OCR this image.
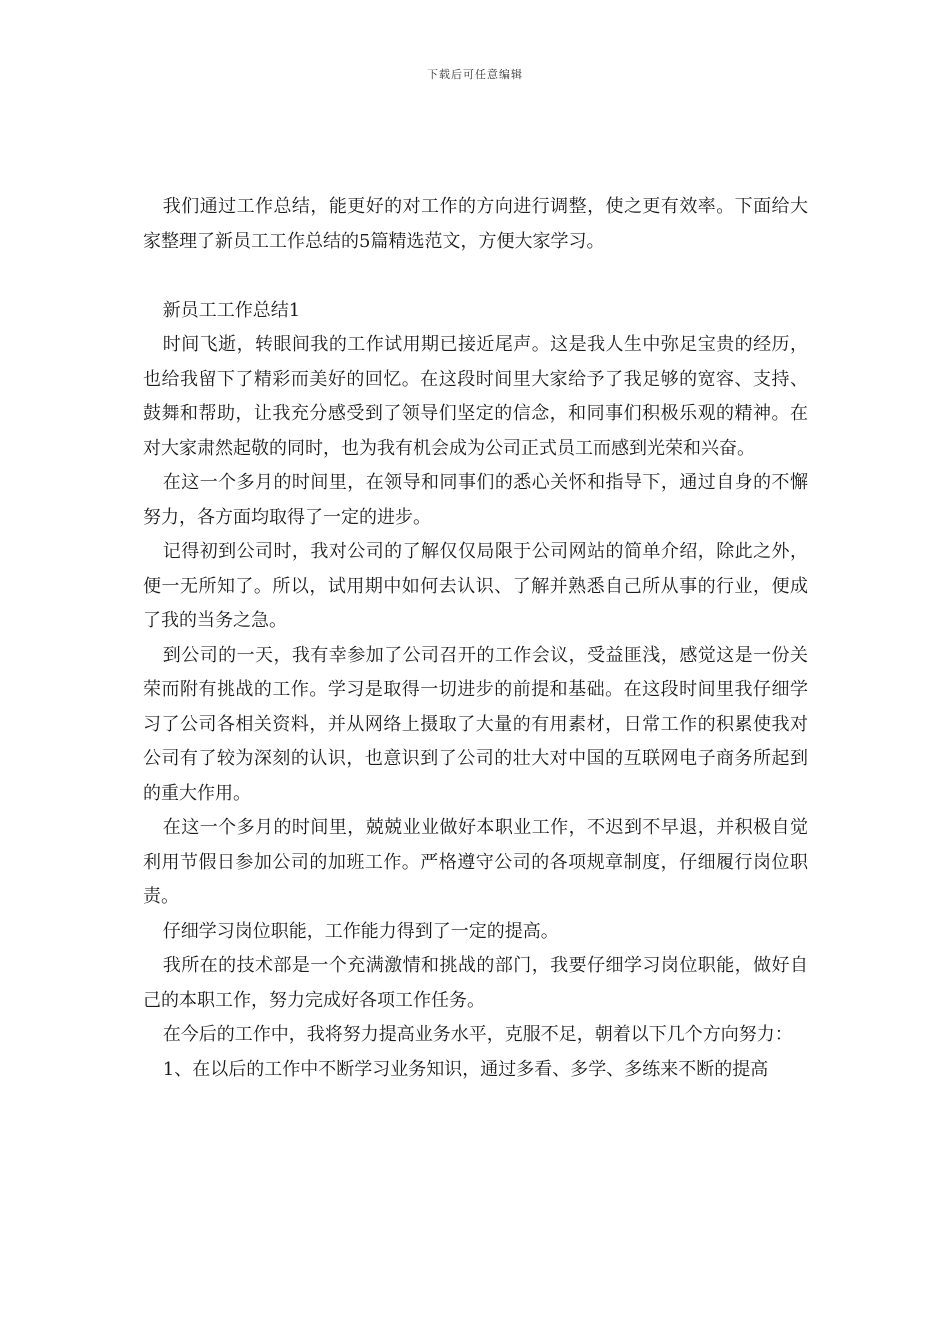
下载后可任意编辑

我们通过工作总结，能更好的对工作的方向进行调整，使之更有效率。下面给大家整理了新员工工作总结的5篇精选范文，方便大家学习。

新员工工作总结1

时间飞逝，转眼间我的工作试用期已接近尾声。这是我人生中弥足宝贵的经历，也给我留下了精彩而美好的回忆。在这段时间里大家给予了我足够的宽容、支持、鼓舞和帮助，让我充分感受到了领导们坚定的信念，和同事们积极乐观的精神。在对大家肃然起敬的同时，也为我有机会成为公司正式员工而感到光荣和兴奋。

在这一个多月的时间里，在领导和同事们的悉心关怀和指导下，通过自身的不懈努力，各方面均取得了一定的进步。

记得初到公司时，我对公司的了解仅仅局限于公司网站的简单介绍，除此之外，便一无所知了。所以，试用期中如何去认识、了解并熟悉自己所从事的行业，便成了我的当务之急。

到公司的一天，我有幸参加了公司召开的工作会议，受益匪浅，感觉这是一份关荣而附有挑战的工作。学习是取得一切进步的前提和基础。在这段时间里我仔细学习了公司各相关资料，并从网络上摄取了大量的有用素材，日常工作的积累使我对公司有了较为深刻的认识，也意识到了公司的壮大对中国的互联网电子商务所起到的重大作用。

在这一个多月的时间里，兢兢业业做好本职业工作，不迟到不早退，并积极自觉利用节假日参加公司的加班工作。严格遵守公司的各项规章制度，仔细履行岗位职责。

仔细学习岗位职能，工作能力得到了一定的提高。

我所在的技术部是一个充满激情和挑战的部门，我要仔细学习岗位职能，做好自己的本职工作，努力完成好各项工作任务。

在今后的工作中，我将努力提高业务水平，克服不足，朝着以下几个方向努力：

1、在以后的工作中不断学习业务知识，通过多看、多学、多练来不断的提高
